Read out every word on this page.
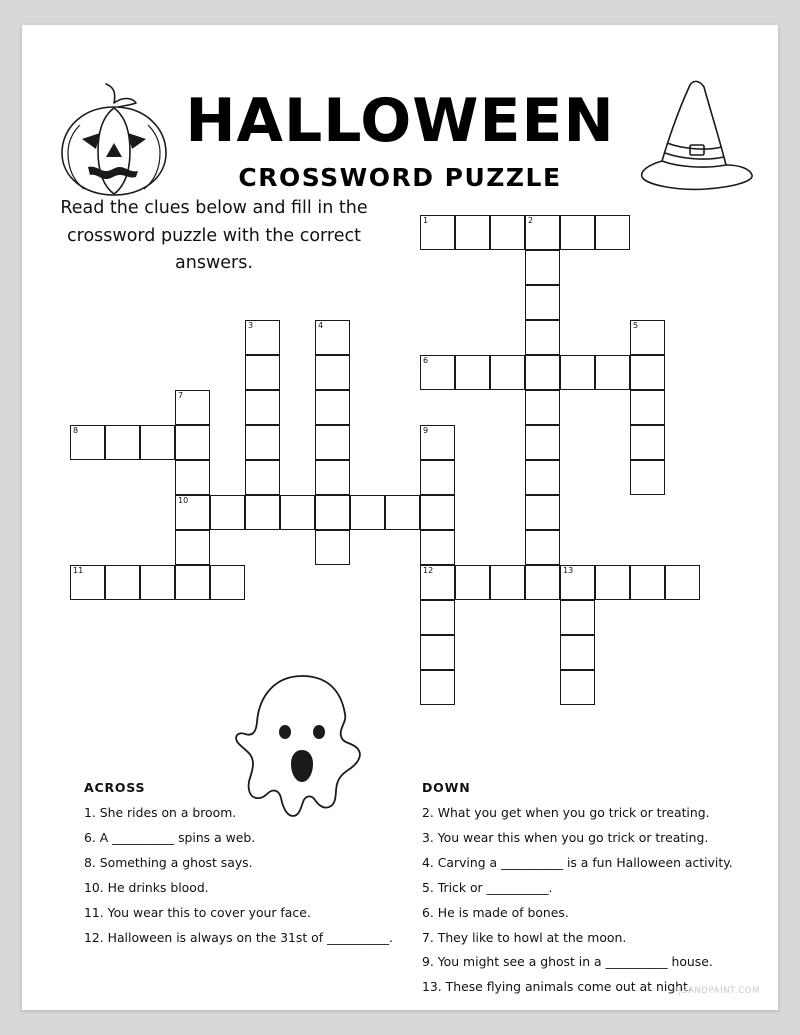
HALLOWEEN
CROSSWORD PUZZLE
Read the clues below and fill in the crossword puzzle with the correct answers.
1	2
3	4	5
6
7
8	9
10
11	12	13
ACROSS
1. She rides on a broom.
6. A __________ spins a web.
8. Something a ghost says.
10. He drinks blood.
11. You wear this to cover your face.
12. Halloween is always on the 31st of __________.
DOWN
2. What you get when you go trick or treating.
3. You wear this when you go trick or treating.
4. Carving a __________ is a fun Halloween activity.
5. Trick or __________.
6. He is made of bones.
7. They like to howl at the moon.
9. You might see a ghost in a __________ house.
13. These flying animals come out at night.
PJSANDPAINT.COM
